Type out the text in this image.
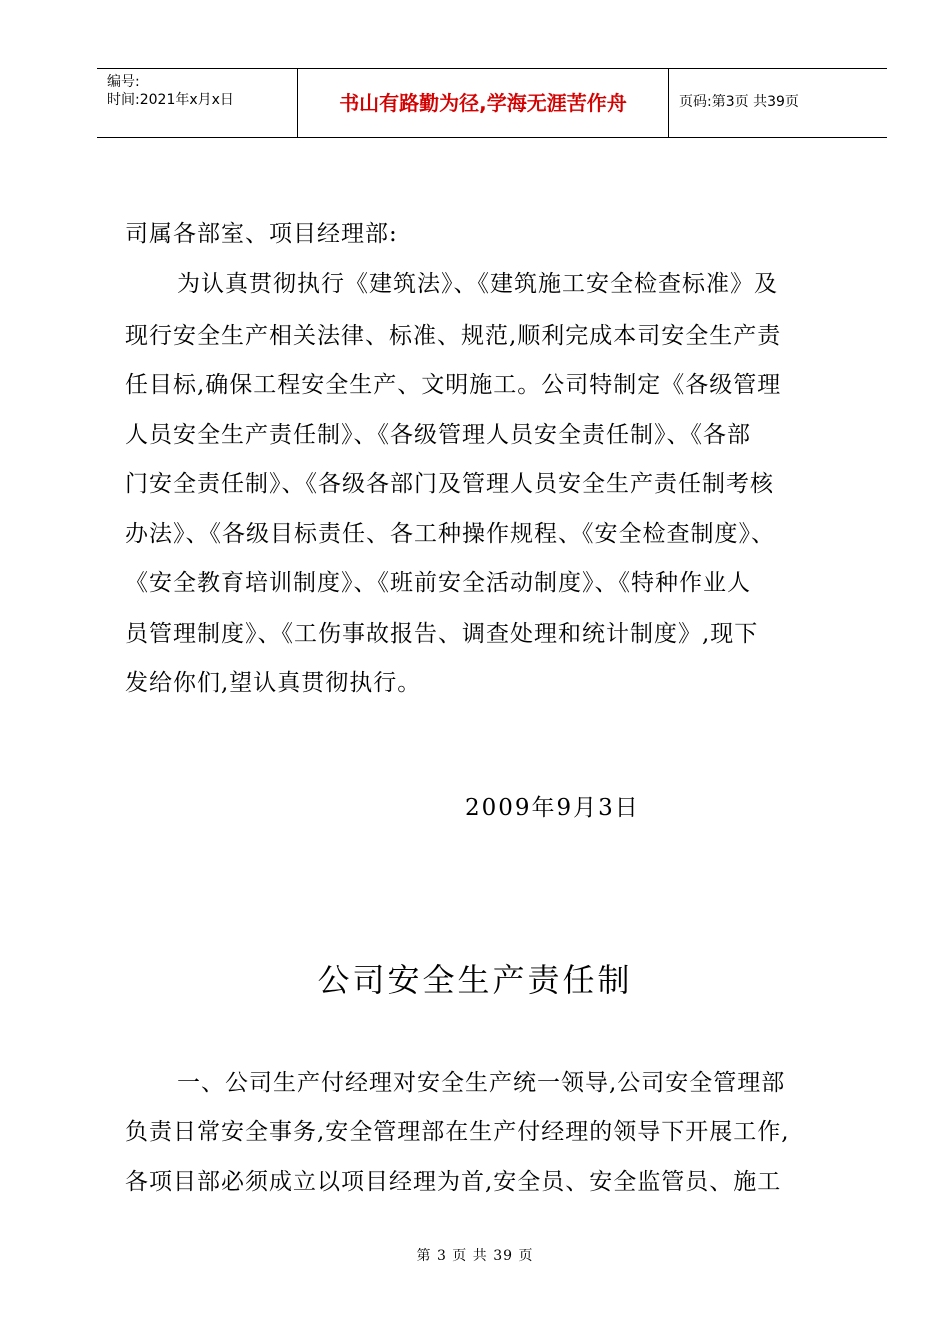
编号:
时间:2021年x月x日	书山有路勤为径,学海无涯苦作舟	页码:第3页 共39页
司属各部室、项目经理部:
为认真贯彻执行《建筑法》、《建筑施工安全检查标准》及
现行安全生产相关法律、标准、规范,顺利完成本司安全生产责
任目标,确保工程安全生产、文明施工。公司特制定《各级管理
人员安全生产责任制》、《各级管理人员安全责任制》、《各部
门安全责任制》、《各级各部门及管理人员安全生产责任制考核
办法》、《各级目标责任、各工种操作规程、《安全检查制度》、
《安全教育培训制度》、《班前安全活动制度》、《特种作业人
员管理制度》、《工伤事故报告、调查处理和统计制度》,现下
发给你们,望认真贯彻执行。
2009年9月3日
公司安全生产责任制
一、公司生产付经理对安全生产统一领导,公司安全管理部
负责日常安全事务,安全管理部在生产付经理的领导下开展工作,
各项目部必须成立以项目经理为首,安全员、安全监管员、施工
第 3 页 共 39 页
